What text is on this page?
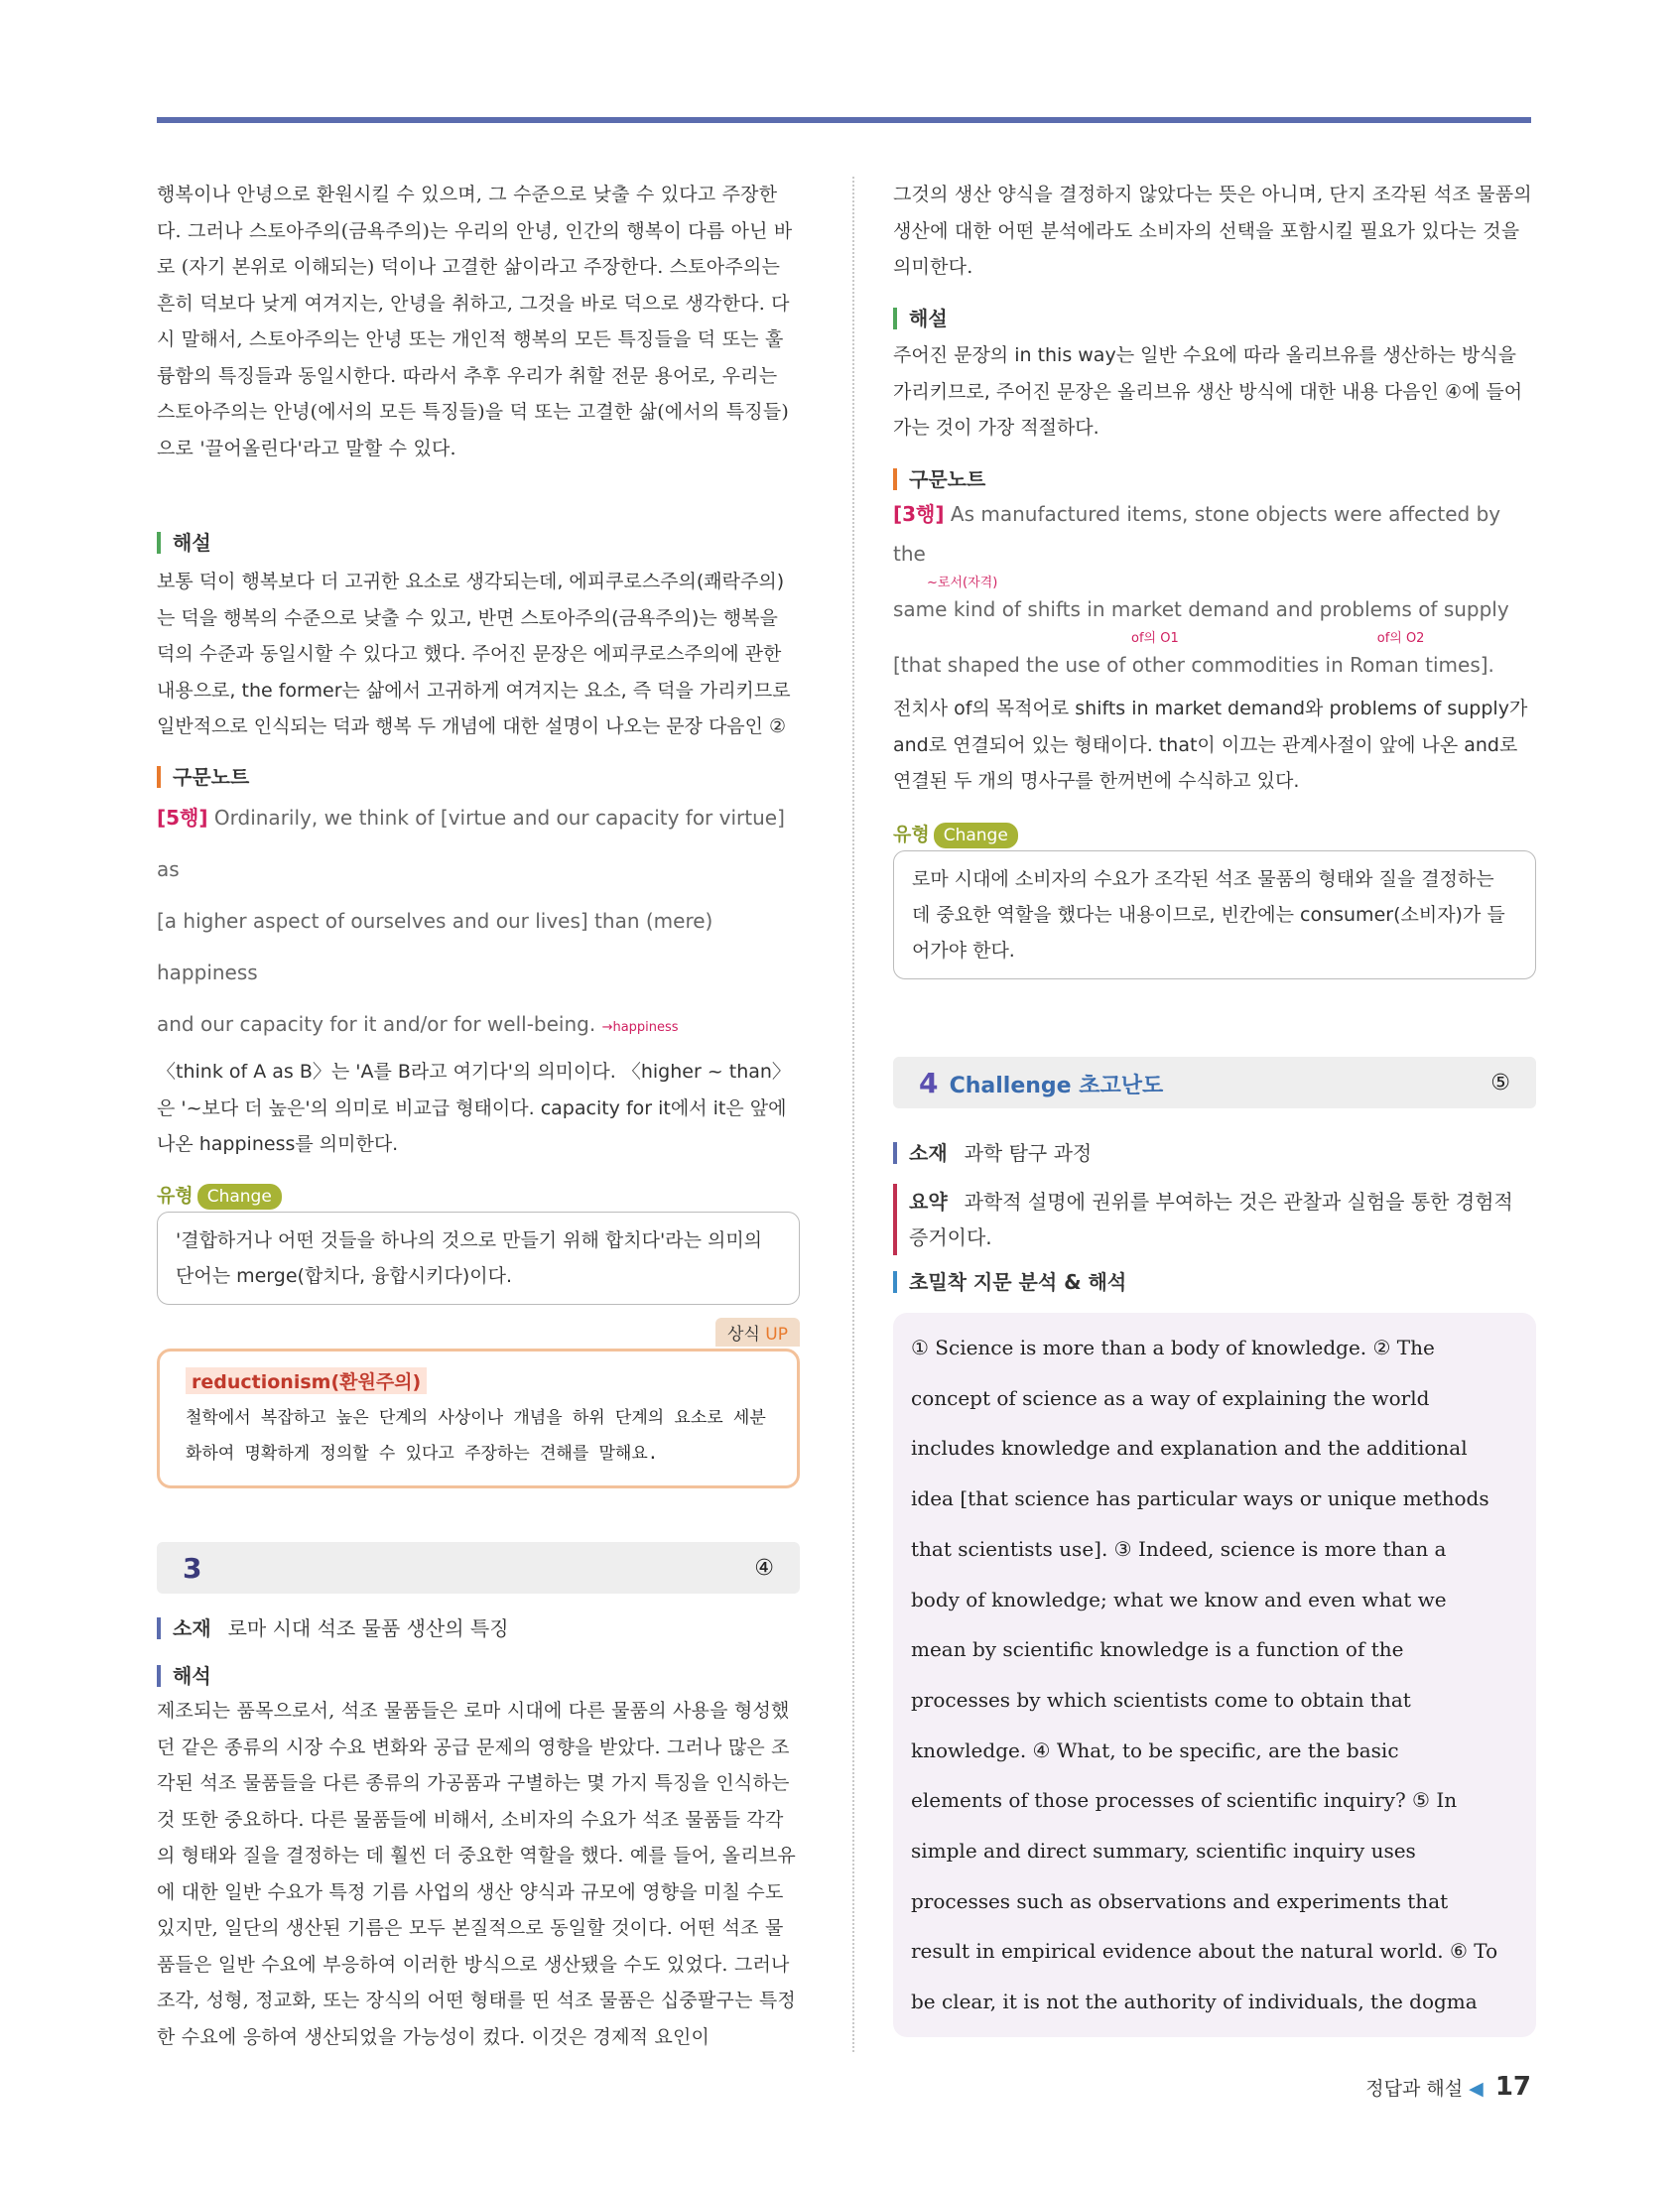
행복이나 안녕으로 환원시킬 수 있으며, 그 수준으로 낮출 수 있다고 주장한다. 그러나 스토아주의(금욕주의)는 우리의 안녕, 인간의 행복이 다름 아닌 바로 (자기 본위로 이해되는) 덕이나 고결한 삶이라고 주장한다. 스토아주의는 흔히 덕보다 낮게 여겨지는, 안녕을 취하고, 그것을 바로 덕으로 생각한다. 다시 말해서, 스토아주의는 안녕 또는 개인적 행복의 모든 특징들을 덕 또는 훌륭함의 특징들과 동일시한다. 따라서 추후 우리가 취할 전문 용어로, 우리는 스토아주의는 안녕(에서의 모든 특징들)을 덕 또는 고결한 삶(에서의 특징들)으로 '끌어올린다'라고 말할 수 있다.

해설

보통 덕이 행복보다 더 고귀한 요소로 생각되는데, 에피쿠로스주의(쾌락주의)는 덕을 행복의 수준으로 낮출 수 있고, 반면 스토아주의(금욕주의)는 행복을 덕의 수준과 동일시할 수 있다고 했다. 주어진 문장은 에피쿠로스주의에 관한 내용으로, the former는 삶에서 고귀하게 여겨지는 요소, 즉 덕을 가리키므로 일반적으로 인식되는 덕과 행복 두 개념에 대한 설명이 나오는 문장 다음인 ②

구문노트

[5행] Ordinarily, we think of [virtue and our capacity for virtue] as

[a higher aspect of ourselves and our lives] than (mere) happiness

and our capacity for it and/or for well-being. →happiness

〈think of A as B〉는 'A를 B라고 여기다'의 의미이다. 〈higher ~ than〉은 '~보다 더 높은'의 의미로 비교급 형태이다. capacity for it에서 it은 앞에 나온 happiness를 의미한다.

유형 Change
'결합하거나 어떤 것들을 하나의 것으로 만들기 위해 합치다'라는 의미의 단어는 merge(합치다, 융합시키다)이다.
상식 UP
reductionism(환원주의)

철학에서 복잡하고 높은 단계의 사상이나 개념을 하위 단계의 요소로 세분화하여 명확하게 정의할 수 있다고 주장하는 견해를 말해요.

3	④

소재 로마 시대 석조 물품 생산의 특징

해석

제조되는 품목으로서, 석조 물품들은 로마 시대에 다른 물품의 사용을 형성했던 같은 종류의 시장 수요 변화와 공급 문제의 영향을 받았다. 그러나 많은 조각된 석조 물품들을 다른 종류의 가공품과 구별하는 몇 가지 특징을 인식하는 것 또한 중요하다. 다른 물품들에 비해서, 소비자의 수요가 석조 물품들 각각의 형태와 질을 결정하는 데 훨씬 더 중요한 역할을 했다. 예를 들어, 올리브유에 대한 일반 수요가 특정 기름 사업의 생산 양식과 규모에 영향을 미칠 수도 있지만, 일단의 생산된 기름은 모두 본질적으로 동일할 것이다. 어떤 석조 물품들은 일반 수요에 부응하여 이러한 방식으로 생산됐을 수도 있었다. 그러나 조각, 성형, 정교화, 또는 장식의 어떤 형태를 띤 석조 물품은 십중팔구는 특정한 수요에 응하여 생산되었을 가능성이 컸다. 이것은 경제적 요인이

그것의 생산 양식을 결정하지 않았다는 뜻은 아니며, 단지 조각된 석조 물품의 생산에 대한 어떤 분석에라도 소비자의 선택을 포함시킬 필요가 있다는 것을 의미한다.

해설

주어진 문장의 in this way는 일반 수요에 따라 올리브유를 생산하는 방식을 가리키므로, 주어진 문장은 올리브유 생산 방식에 대한 내용 다음인 ④에 들어가는 것이 가장 적절하다.

구문노트

[3행] As manufactured items, stone objects were affected by the

~로서(자격)

same kind of shifts in market demand and problems of supply

of의 O1	of의 O2

[that shaped the use of other commodities in Roman times].

전치사 of의 목적어로 shifts in market demand와 problems of supply가 and로 연결되어 있는 형태이다. that이 이끄는 관계사절이 앞에 나온 and로 연결된 두 개의 명사구를 한꺼번에 수식하고 있다.

유형 Change
로마 시대에 소비자의 수요가 조각된 석조 물품의 형태와 질을 결정하는 데 중요한 역할을 했다는 내용이므로, 빈칸에는 consumer(소비자)가 들어가야 한다.
4 Challenge 초고난도	⑤

소재 과학 탐구 과정

요약 과학적 설명에 권위를 부여하는 것은 관찰과 실험을 통한 경험적 증거이다.

초밀착 지문 분석 & 해석

① Science is more than a body of knowledge. ② The

concept of science as a way of explaining the world

includes knowledge and explanation and the additional

idea [that science has particular ways or unique methods

that scientists use]. ③ Indeed, science is more than a

body of knowledge; what we know and even what we

mean by scientific knowledge is a function of the

processes by which scientists come to obtain that

knowledge. ④ What, to be specific, are the basic

elements of those processes of scientific inquiry? ⑤ In

simple and direct summary, scientific inquiry uses

processes such as observations and experiments that

result in empirical evidence about the natural world. ⑥ To

be clear, it is not the authority of individuals, the dogma

정답과 해설 ◀ 17
